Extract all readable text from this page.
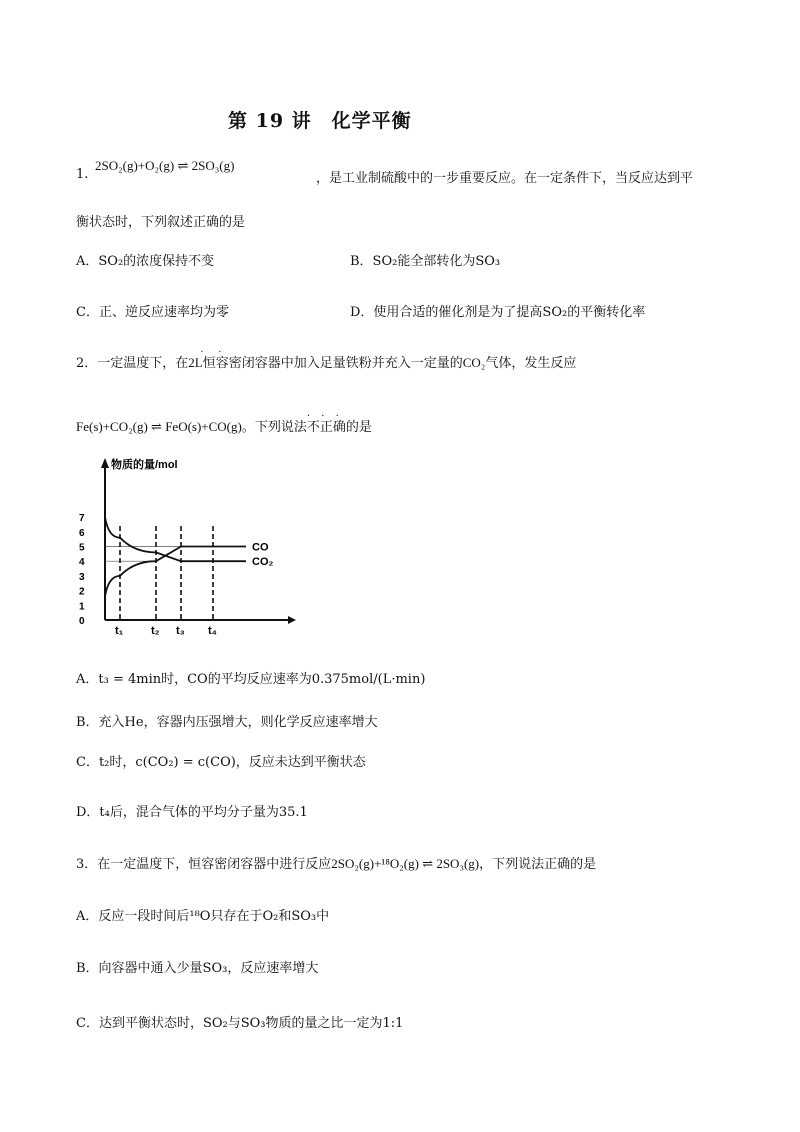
第 19 讲　化学平衡
1.
2SO₂(g)+O₂(g) ⇌ 2SO₃(g)
，是工业制硫酸中的一步重要反应。在一定条件下，当反应达到平
衡状态时，下列叙述正确的是
A．SO₂的浓度保持不变	B．SO₂能全部转化为SO₃
C．正、逆反应速率均为零	D．使用合适的催化剂是为了提高SO₂的平衡转化率
2．一定温度下，在2L · ·恒容密闭容器中加入足量铁粉并充入一定量的CO₂气体，发生反应
Fe(s)+CO₂(g) ⇌ FeO(s)+CO(g)。下列说法不正确 · · ·的是
物质的量/mol
0
1
2
3
4
5
6
7
CO
CO₂
t₁	t₂ t₃ t₄
A．t₃ = 4min时，CO的平均反应速率为0.375mol/(L·min)
B．充入He，容器内压强增大，则化学反应速率增大
C．t₂时，c(CO₂) = c(CO)，反应未达到平衡状态
D．t₄后，混合气体的平均分子量为35.1
3．在一定温度下，恒容密闭容器中进行反应2SO₂(g)+¹⁸O₂(g) ⇌ 2SO₃(g)，下列说法正确的是
A．反应一段时间后¹⁸O只存在于O₂和SO₃中
B．向容器中通入少量SO₃，反应速率增大
C．达到平衡状态时，SO₂与SO₃物质的量之比一定为1:1
